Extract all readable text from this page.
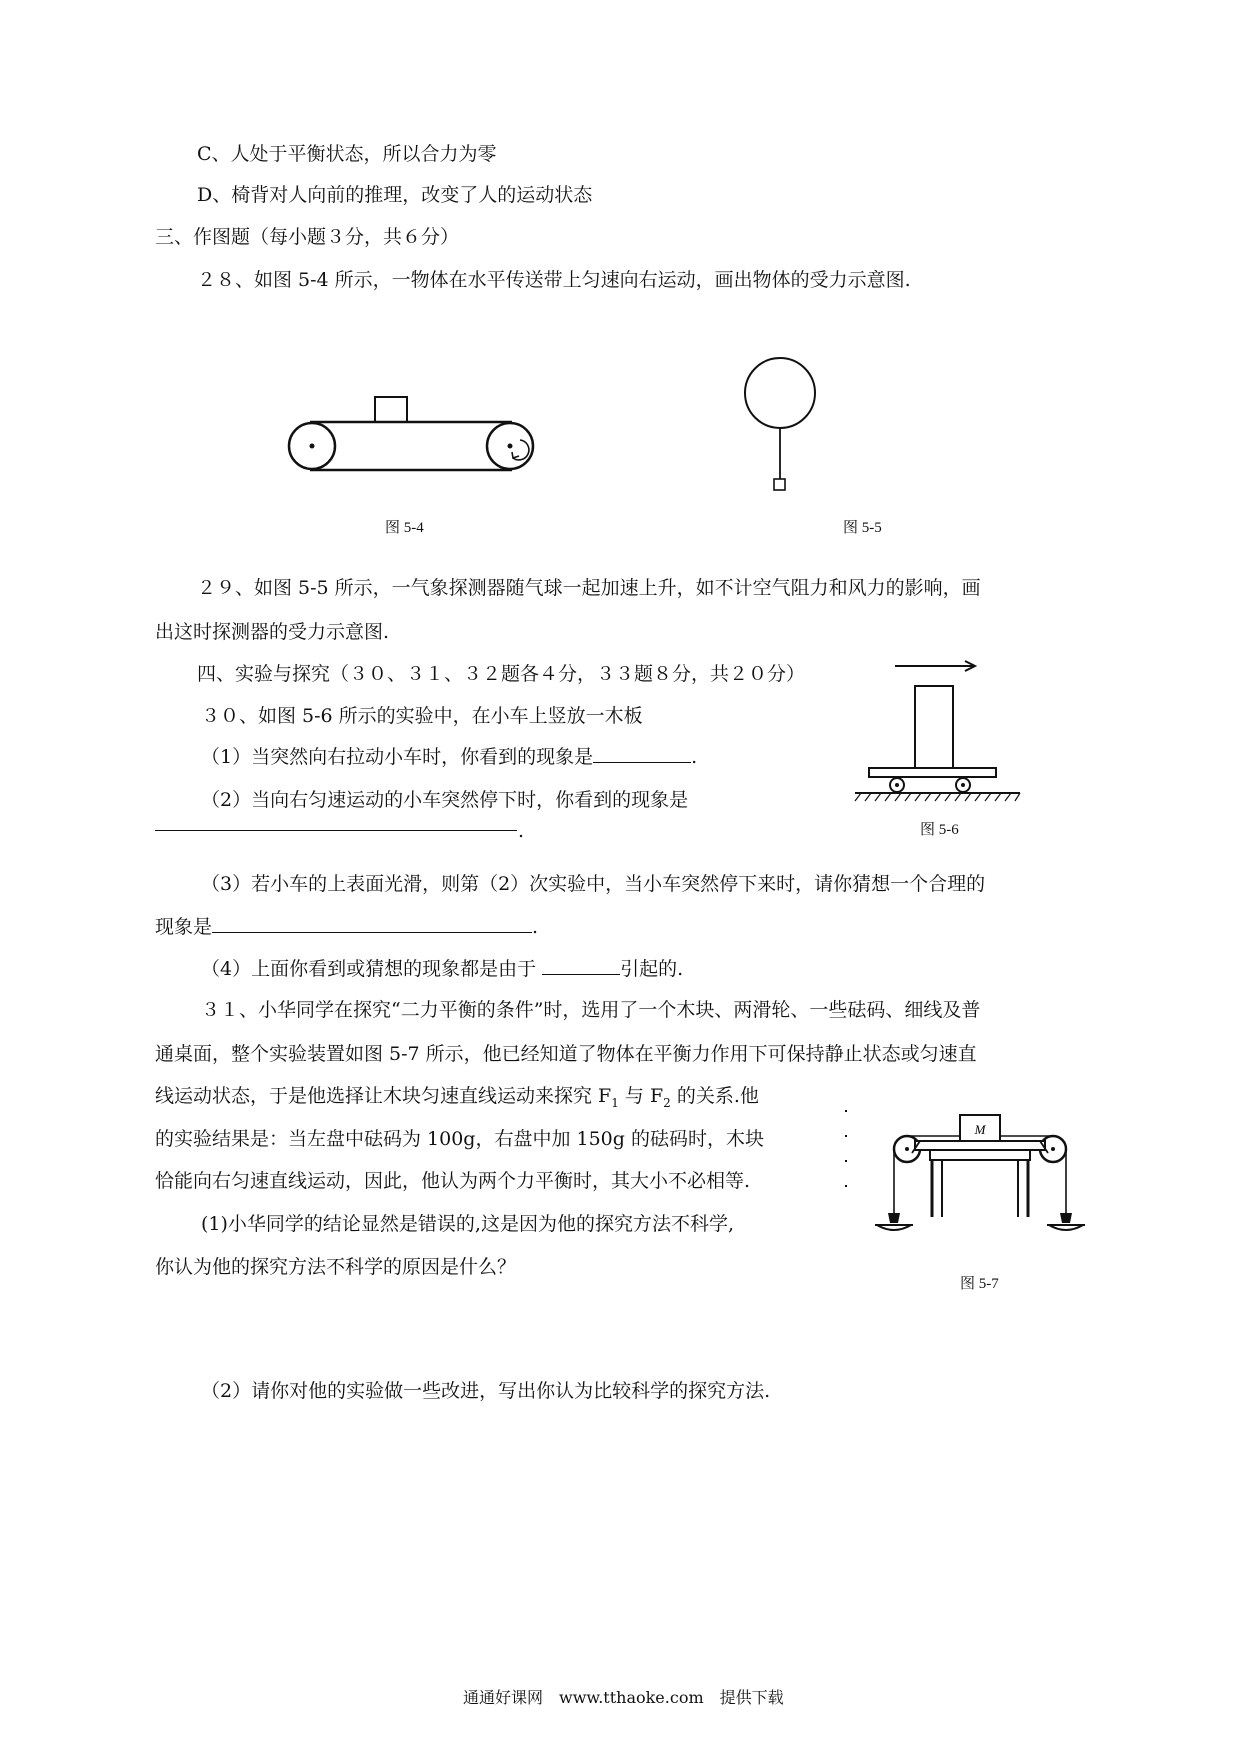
C、人处于平衡状态，所以合力为零
D、椅背对人向前的推理，改变了人的运动状态
三、作图题（每小题３分，共６分）
２８、如图 5-4 所示，一物体在水平传送带上匀速向右运动，画出物体的受力示意图.
图 5-4	图 5-5
２９、如图 5-5 所示，一气象探测器随气球一起加速上升，如不计空气阻力和风力的影响，画
出这时探测器的受力示意图.
四、实验与探究（３０、３１、３２题各４分，３３题８分，共２０分）
３０、如图 5-6 所示的实验中，在小车上竖放一木板
（1）当突然向右拉动小车时，你看到的现象是	.
（2）当向右匀速运动的小车突然停下时，你看到的现象是
.	图 5-6
（3）若小车的上表面光滑，则第（2）次实验中，当小车突然停下来时，请你猜想一个合理的
现象是	.
（4）上面你看到或猜想的现象都是由于	引起的.
３１、小华同学在探究“二力平衡的条件”时，选用了一个木块、两滑轮、一些砝码、细线及普
通桌面，整个实验装置如图 5-7 所示，他已经知道了物体在平衡力作用下可保持静止状态或匀速直
线运动状态，于是他选择让木块匀速直线运动来探究 $F_1$ 与 $F_2$ 的关系.他
的实验结果是：当左盘中砝码为 100g，右盘中加 150g 的砝码时，木块
恰能向右匀速直线运动，因此，他认为两个力平衡时，其大小不必相等.
(1)小华同学的结论显然是错误的,这是因为他的探究方法不科学,
你认为他的探究方法不科学的原因是什么？
M
图 5-7
（2）请你对他的实验做一些改进，写出你认为比较科学的探究方法.
通通好课网　www.tthaoke.com　提供下载
